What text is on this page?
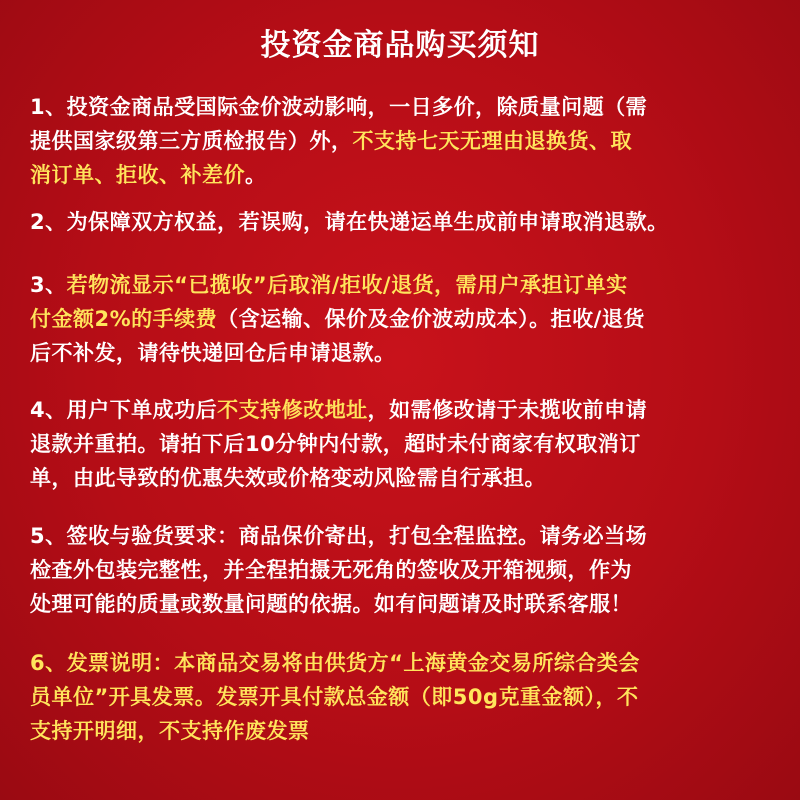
投资金商品购买须知
1、投资金商品受国际金价波动影响，一日多价，除质量问题（需
提供国家级第三方质检报告）外，不支持七天无理由退换货、取
消订单、拒收、补差价。
2、为保障双方权益，若误购，请在快递运单生成前申请取消退款。
3、若物流显示“已揽收”后取消/拒收/退货，需用户承担订单实
付金额2%的手续费（含运输、保价及金价波动成本）。拒收/退货
后不补发，请待快递回仓后申请退款。
4、用户下单成功后不支持修改地址，如需修改请于未揽收前申请
退款并重拍。请拍下后10分钟内付款，超时未付商家有权取消订
单，由此导致的优惠失效或价格变动风险需自行承担。
5、签收与验货要求：商品保价寄出，打包全程监控。请务必当场
检查外包装完整性，并全程拍摄无死角的签收及开箱视频，作为
处理可能的质量或数量问题的依据。如有问题请及时联系客服！
6、发票说明：本商品交易将由供货方“上海黄金交易所综合类会
员单位”开具发票。发票开具付款总金额（即50g克重金额），不
支持开明细，不支持作废发票
